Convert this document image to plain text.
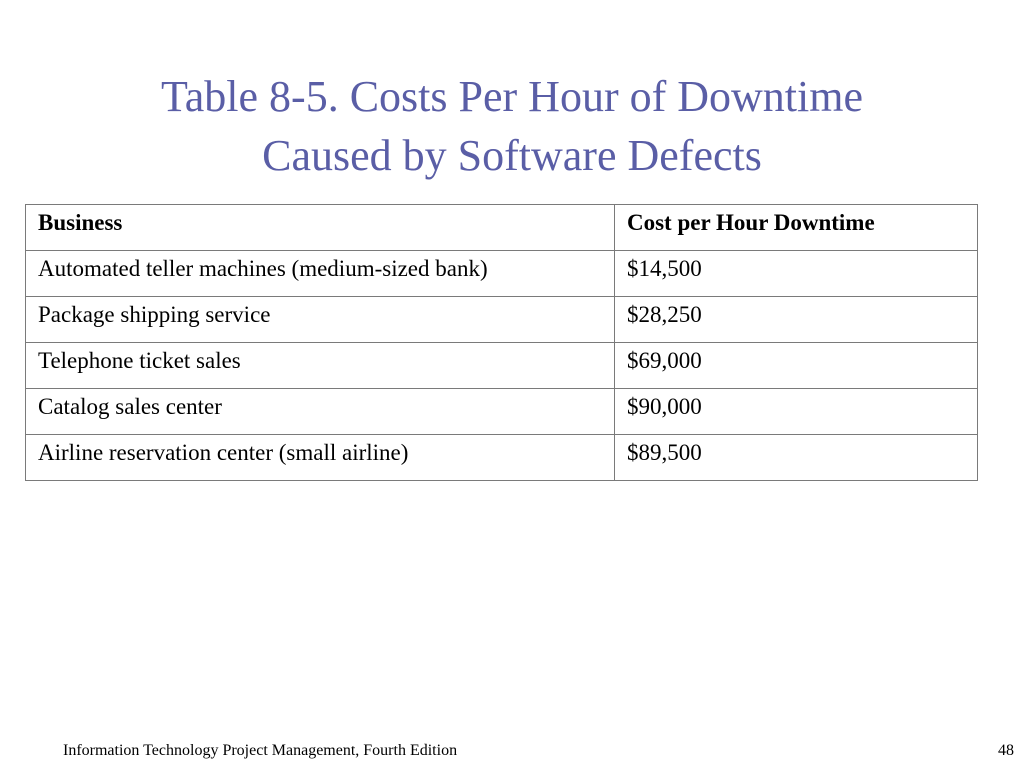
Table 8-5. Costs Per Hour of Downtime
Caused by Software Defects
Business	Cost per Hour Downtime
Automated teller machines (medium-sized bank)	$14,500
Package shipping service	$28,250
Telephone ticket sales	$69,000
Catalog sales center	$90,000
Airline reservation center (small airline)	$89,500
Information Technology Project Management, Fourth Edition	48
